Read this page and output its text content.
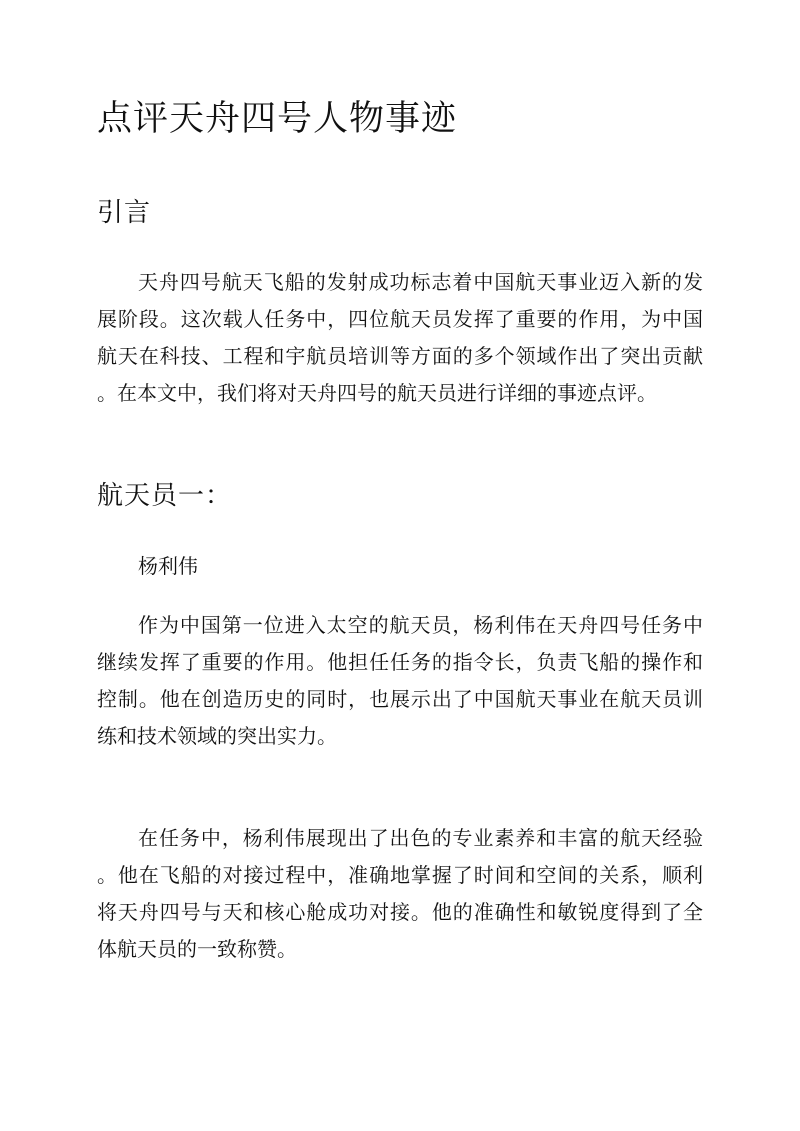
点评天舟四号人物事迹
引言
天舟四号航天飞船的发射成功标志着中国航天事业迈入新的发
展阶段。这次载人任务中，四位航天员发挥了重要的作用，为中国
航天在科技、工程和宇航员培训等方面的多个领域作出了突出贡献
。在本文中，我们将对天舟四号的航天员进行详细的事迹点评。
航天员一：
杨利伟
作为中国第一位进入太空的航天员，杨利伟在天舟四号任务中
继续发挥了重要的作用。他担任任务的指令长，负责飞船的操作和
控制。他在创造历史的同时，也展示出了中国航天事业在航天员训
练和技术领域的突出实力。
在任务中，杨利伟展现出了出色的专业素养和丰富的航天经验
。他在飞船的对接过程中，准确地掌握了时间和空间的关系，顺利
将天舟四号与天和核心舱成功对接。他的准确性和敏锐度得到了全
体航天员的一致称赞。
